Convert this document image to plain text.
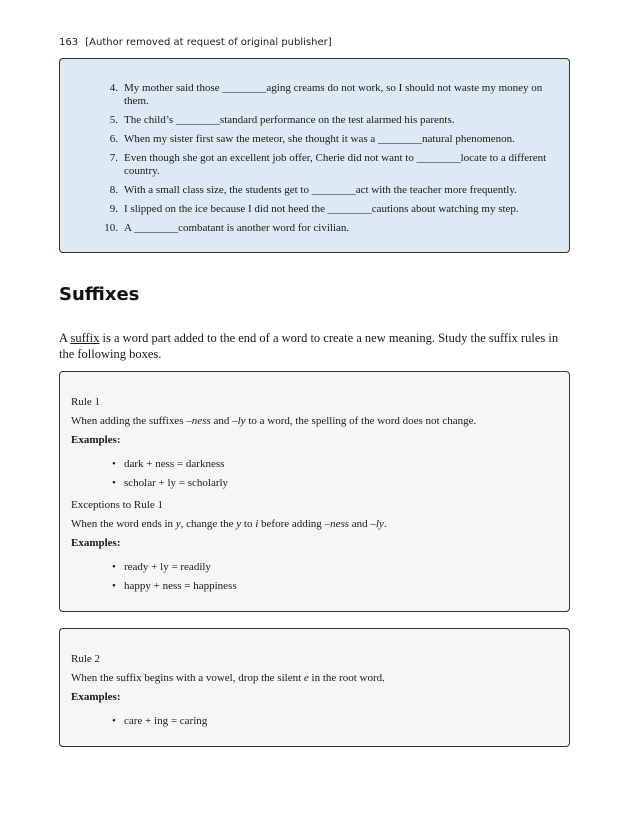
163 [Author removed at request of original publisher]
4. My mother said those ________aging creams do not work, so I should not waste my money on them.
5. The child’s ________standard performance on the test alarmed his parents.
6. When my sister first saw the meteor, she thought it was a ________natural phenomenon.
7. Even though she got an excellent job offer, Cherie did not want to ________locate to a different country.
8. With a small class size, the students get to ________act with the teacher more frequently.
9. I slipped on the ice because I did not heed the ________cautions about watching my step.
10. A ________combatant is another word for civilian.
Suffixes

A suffix is a word part added to the end of a word to create a new meaning. Study the suffix rules in the following boxes.

Rule 1
When adding the suffixes –ness and –ly to a word, the spelling of the word does not change.
Examples:
• dark + ness = darkness
• scholar + ly = scholarly
Exceptions to Rule 1
When the word ends in y, change the y to i before adding –ness and –ly.
Examples:
• ready + ly = readily
• happy + ness = happiness
Rule 2
When the suffix begins with a vowel, drop the silent e in the root word.
Examples:
• care + ing = caring
